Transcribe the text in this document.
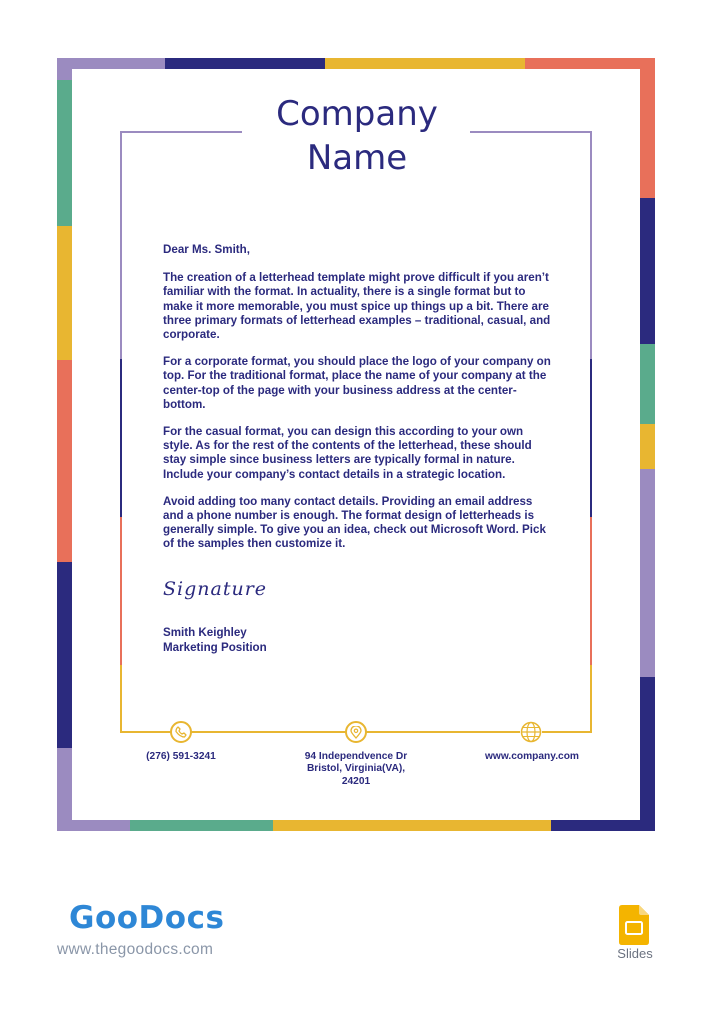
Company
Name

Dear Ms. Smith,

The creation of a letterhead template might prove difficult if you aren’t familiar with the format. In actuality, there is a single format but to make it more memorable, you must spice up things up a bit. There are three primary formats of letterhead examples – traditional, casual, and corporate.

For a corporate format, you should place the logo of your company on top. For the traditional format, place the name of your company at the center-top of the page with your business address at the center-bottom.

For the casual format, you can design this according to your own style. As for the rest of the contents of the letterhead, these should stay simple since business letters are typically formal in nature. Include your company’s contact details in a strategic location.

Avoid adding too many contact details. Providing an email address and a phone number is enough. The format design of letterheads is generally simple. To give you an idea, check out Microsoft Word. Pick of the samples then customize it.

Signature
Smith Keighley
Marketing Position
(276) 591-3241	94 Independvence Dr
Bristol, Virginia(VA),
24201
www.company.com
GooDocs
www.thegoodocs.com	Slides
